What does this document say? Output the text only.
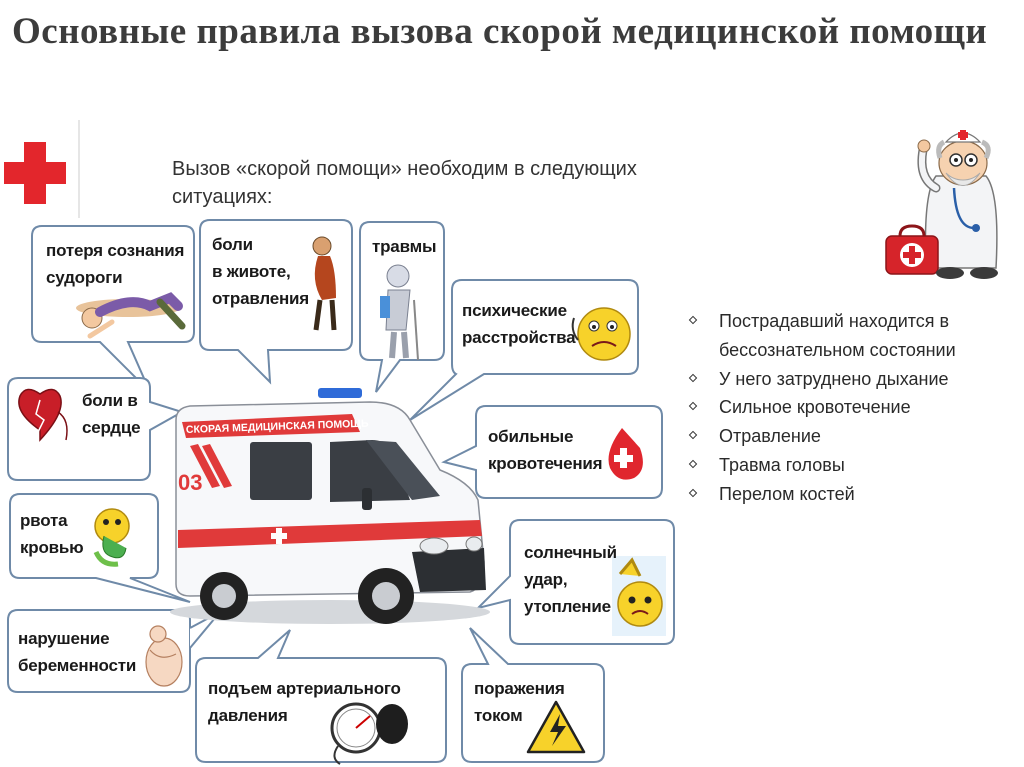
Основные правила вызова скорой медицинской помощи
Вызов «скорой помощи» необходим в следующих
ситуациях:
СКОРАЯ МЕДИЦИНСКАЯ ПОМОЩЬ
03
потеря сознания
судороги
боли
в животе,
отравления
травмы
психические
расстройства
боли в
сердце	обильные
кровотечения
рвота
кровью	солнечный
удар,
утопление
нарушение
беременности
подъем артериального
давления
поражения
током
Пострадавший находится в
бессознательном состоянии
У него затруднено дыхание
Сильное кровотечение
Отравление
Травма головы
Перелом костей
